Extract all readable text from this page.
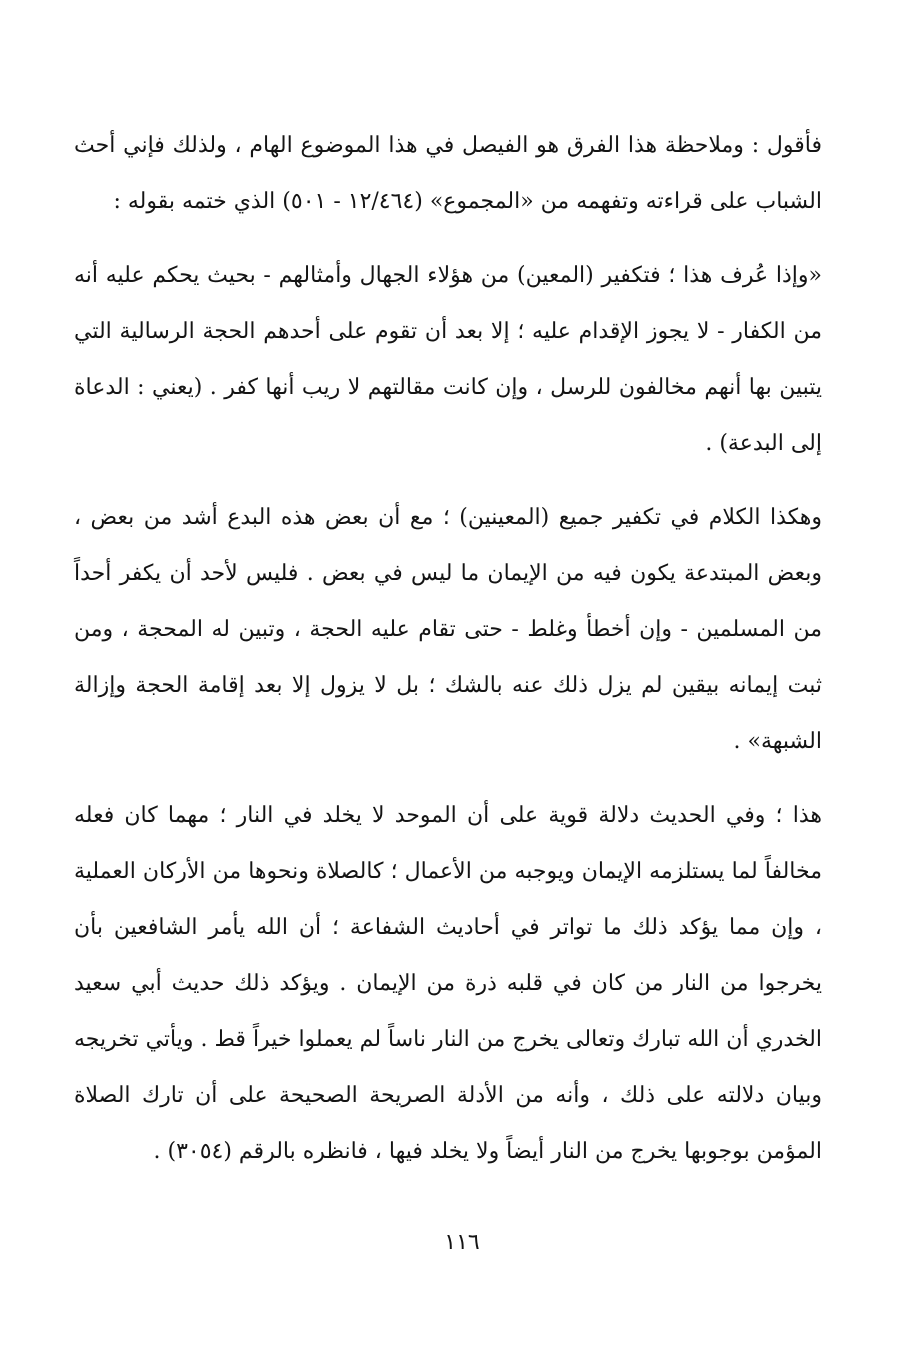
فأقول : وملاحظة هذا الفرق هو الفيصل في هذا الموضوع الهام ، ولذلك فإني أحث الشباب على قراءته وتفهمه من «المجموع» (١٢/٤٦٤ - ٥٠١) الذي ختمه بقوله :

«وإذا عُرف هذا ؛ فتكفير (المعين) من هؤلاء الجهال وأمثالهم - بحيث يحكم عليه أنه من الكفار - لا يجوز الإقدام عليه ؛ إلا بعد أن تقوم على أحدهم الحجة الرسالية التي يتبين بها أنهم مخالفون للرسل ، وإن كانت مقالتهم لا ريب أنها كفر . (يعني : الدعاة إلى البدعة) .

وهكذا الكلام في تكفير جميع (المعينين) ؛ مع أن بعض هذه البدع أشد من بعض ، وبعض المبتدعة يكون فيه من الإيمان ما ليس في بعض . فليس لأحد أن يكفر أحداً من المسلمين - وإن أخطأ وغلط - حتى تقام عليه الحجة ، وتبين له المحجة ، ومن ثبت إيمانه بيقين لم يزل ذلك عنه بالشك ؛ بل لا يزول إلا بعد إقامة الحجة وإزالة الشبهة» .

هذا ؛ وفي الحديث دلالة قوية على أن الموحد لا يخلد في النار ؛ مهما كان فعله مخالفاً لما يستلزمه الإيمان ويوجبه من الأعمال ؛ كالصلاة ونحوها من الأركان العملية ، وإن مما يؤكد ذلك ما تواتر في أحاديث الشفاعة ؛ أن الله يأمر الشافعين بأن يخرجوا من النار من كان في قلبه ذرة من الإيمان . ويؤكد ذلك حديث أبي سعيد الخدري أن الله تبارك وتعالى يخرج من النار ناساً لم يعملوا خيراً قط . ويأتي تخريجه وبيان دلالته على ذلك ، وأنه من الأدلة الصريحة الصحيحة على أن تارك الصلاة المؤمن بوجوبها يخرج من النار أيضاً ولا يخلد فيها ، فانظره بالرقم (٣٠٥٤) .

١١٦
